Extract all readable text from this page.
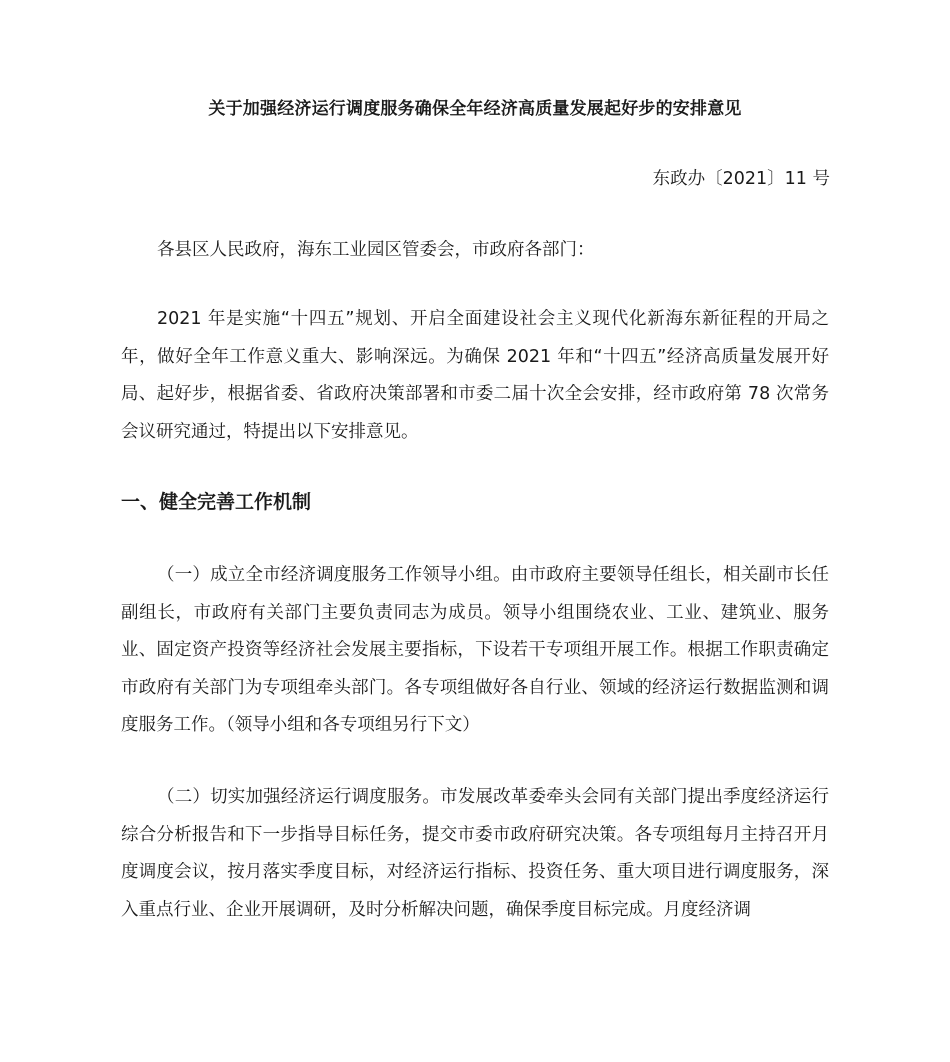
关于加强经济运行调度服务确保全年经济高质量发展起好步的安排意见

东政办〔2021〕11 号

各县区人民政府，海东工业园区管委会，市政府各部门：

2021 年是实施“十四五”规划、开启全面建设社会主义现代化新海东新征程的开局之年，做好全年工作意义重大、影响深远。为确保 2021 年和“十四五”经济高质量发展开好局、起好步，根据省委、省政府决策部署和市委二届十次全会安排，经市政府第 78 次常务会议研究通过，特提出以下安排意见。

一、健全完善工作机制

（一）成立全市经济调度服务工作领导小组。由市政府主要领导任组长，相关副市长任副组长，市政府有关部门主要负责同志为成员。领导小组围绕农业、工业、建筑业、服务业、固定资产投资等经济社会发展主要指标，下设若干专项组开展工作。根据工作职责确定市政府有关部门为专项组牵头部门。各专项组做好各自行业、领域的经济运行数据监测和调度服务工作。（领导小组和各专项组另行下文）

（二）切实加强经济运行调度服务。市发展改革委牵头会同有关部门提出季度经济运行综合分析报告和下一步指导目标任务，提交市委市政府研究决策。各专项组每月主持召开月度调度会议，按月落实季度目标，对经济运行指标、投资任务、重大项目进行调度服务，深入重点行业、企业开展调研，及时分析解决问题，确保季度目标完成。月度经济调
